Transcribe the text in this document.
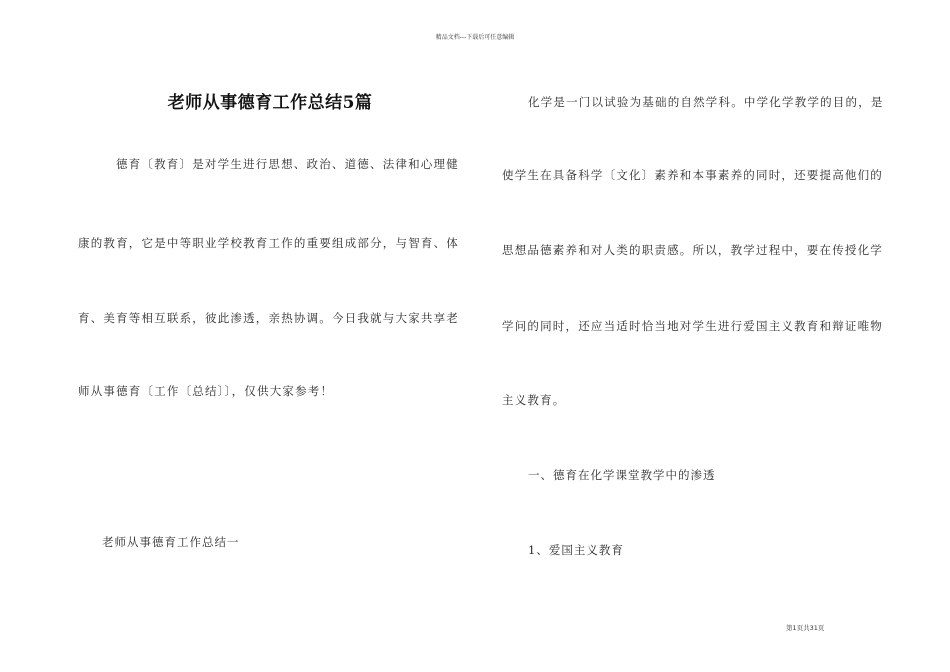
精品文档---下载后可任意编辑
老师从事德育工作总结5篇
德育〔教育〕是对学生进行思想、政治、道德、法律和心理健
康的教育，它是中等职业学校教育工作的重要组成部分，与智育、体
育、美育等相互联系，彼此渗透，亲热协调。今日我就与大家共享老
师从事德育〔工作〔总结〕〕，仅供大家参考！
老师从事德育工作总结一
化学是一门以试验为基础的自然学科。中学化学教学的目的，是
使学生在具备科学〔文化〕素养和本事素养的同时，还要提高他们的
思想品德素养和对人类的职责感。所以，教学过程中，要在传授化学
学问的同时，还应当适时恰当地对学生进行爱国主义教育和辩证唯物
主义教育。
一、德育在化学课堂教学中的渗透
1、爱国主义教育
第1页共31页
